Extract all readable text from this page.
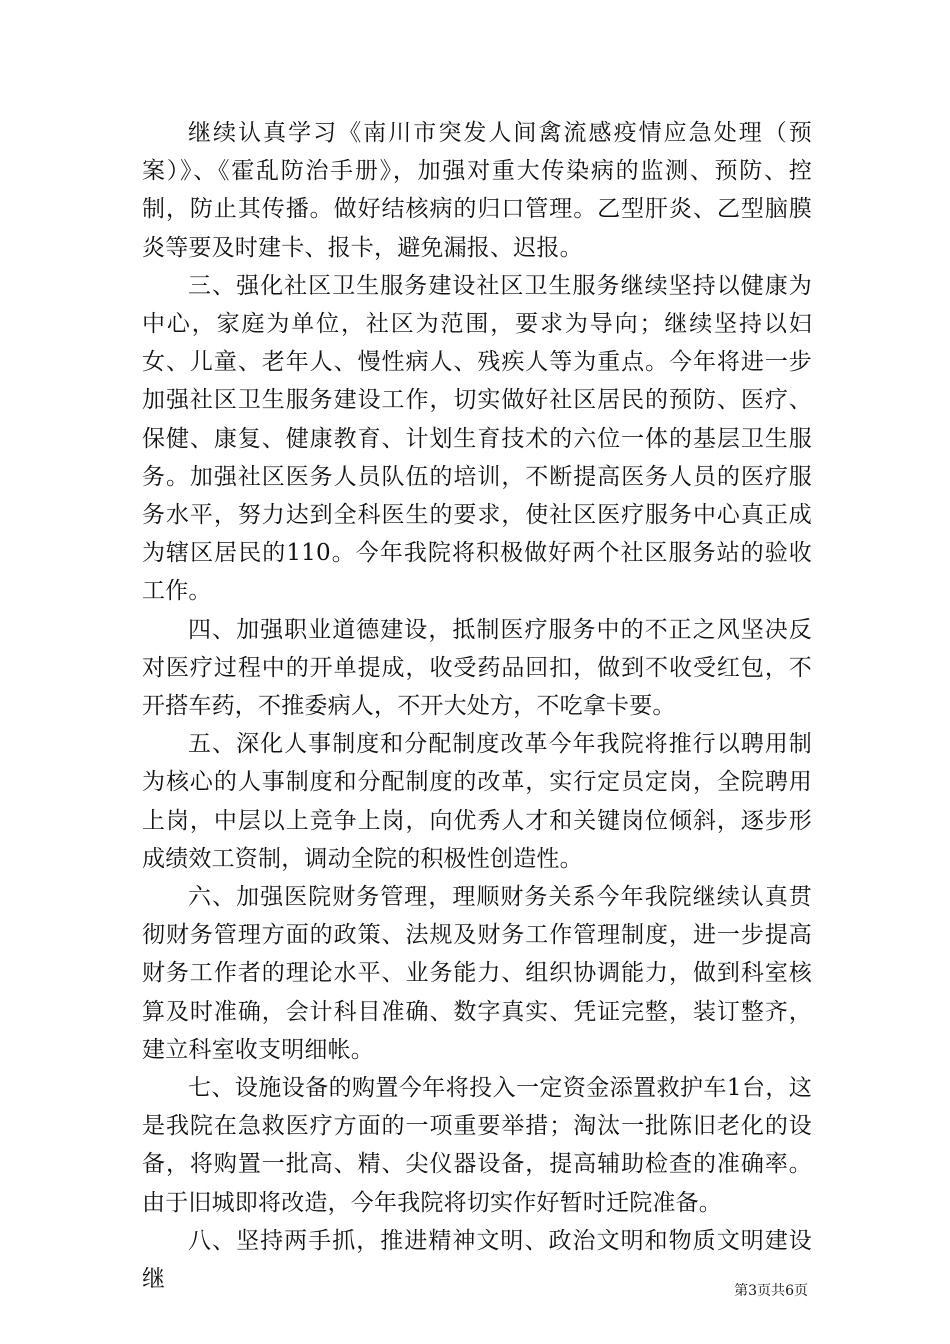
继续认真学习《南川市突发人间禽流感疫情应急处理（预案）》、《霍乱防治手册》，加强对重大传染病的监测、预防、控制，防止其传播。做好结核病的归口管理。乙型肝炎、乙型脑膜炎等要及时建卡、报卡，避免漏报、迟报。

三、强化社区卫生服务建设社区卫生服务继续坚持以健康为中心，家庭为单位，社区为范围，要求为导向；继续坚持以妇女、儿童、老年人、慢性病人、残疾人等为重点。今年将进一步加强社区卫生服务建设工作，切实做好社区居民的预防、医疗、保健、康复、健康教育、计划生育技术的六位一体的基层卫生服务。加强社区医务人员队伍的培训，不断提高医务人员的医疗服务水平，努力达到全科医生的要求，使社区医疗服务中心真正成为辖区居民的110。今年我院将积极做好两个社区服务站的验收工作。

四、加强职业道德建设，抵制医疗服务中的不正之风坚决反对医疗过程中的开单提成，收受药品回扣，做到不收受红包，不开搭车药，不推委病人，不开大处方，不吃拿卡要。

五、深化人事制度和分配制度改革今年我院将推行以聘用制为核心的人事制度和分配制度的改革，实行定员定岗，全院聘用上岗，中层以上竞争上岗，向优秀人才和关键岗位倾斜，逐步形成绩效工资制，调动全院的积极性创造性。

六、加强医院财务管理，理顺财务关系今年我院继续认真贯彻财务管理方面的政策、法规及财务工作管理制度，进一步提高财务工作者的理论水平、业务能力、组织协调能力，做到科室核算及时准确，会计科目准确、数字真实、凭证完整，装订整齐，建立科室收支明细帐。

七、设施设备的购置今年将投入一定资金添置救护车1台，这是我院在急救医疗方面的一项重要举措；淘汰一批陈旧老化的设备，将购置一批高、精、尖仪器设备，提高辅助检查的准确率。由于旧城即将改造，今年我院将切实作好暂时迁院准备。

八、坚持两手抓，推进精神文明、政治文明和物质文明建设继	第3页共6页
